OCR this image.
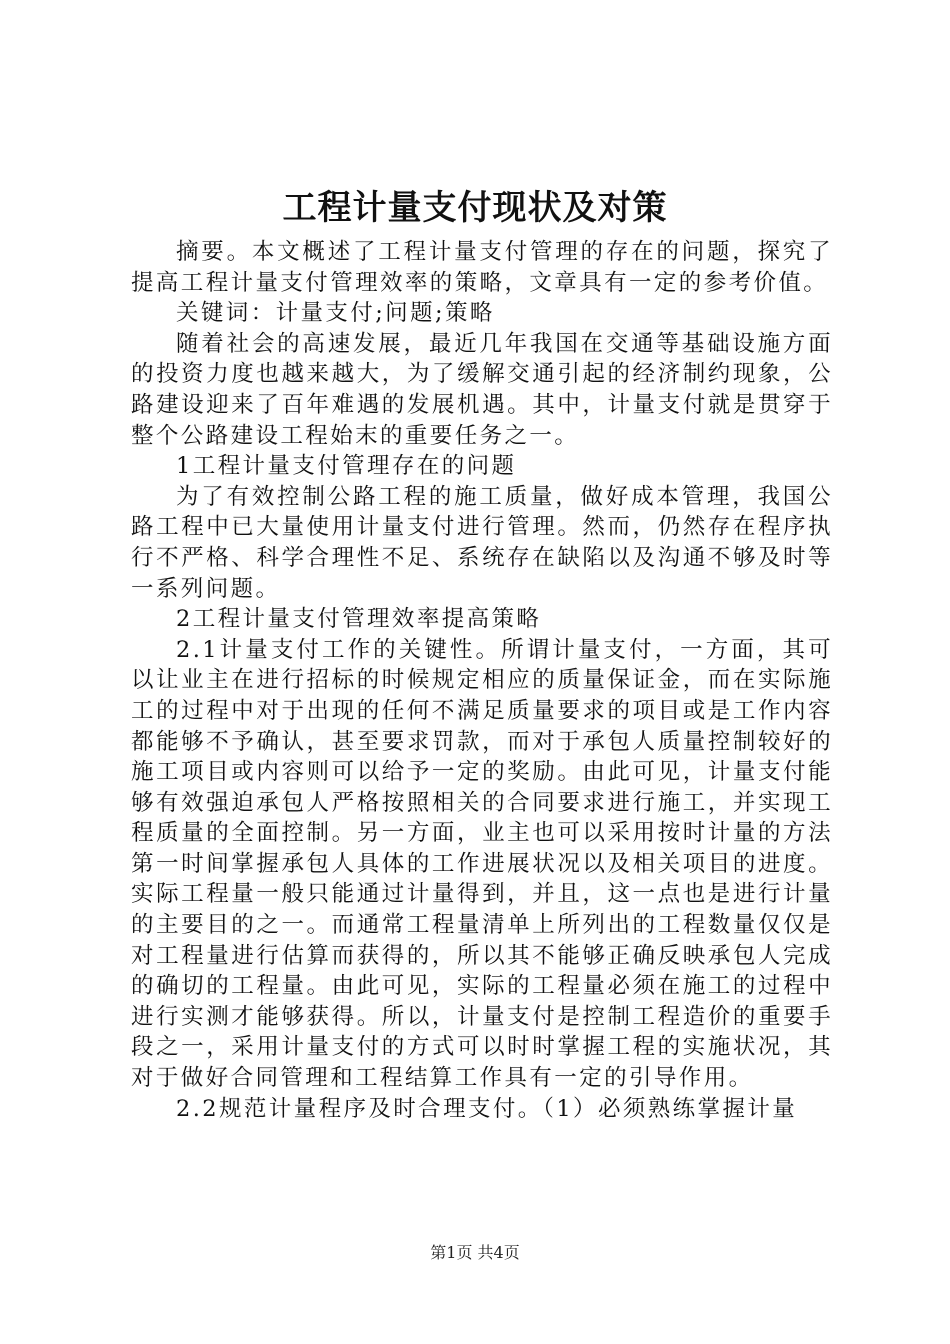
工程计量支付现状及对策

摘要。本文概述了工程计量支付管理的存在的问题，探究了提高工程计量支付管理效率的策略，文章具有一定的参考价值。

关键词：计量支付;问题;策略

随着社会的高速发展，最近几年我国在交通等基础设施方面的投资力度也越来越大，为了缓解交通引起的经济制约现象，公路建设迎来了百年难遇的发展机遇。其中，计量支付就是贯穿于整个公路建设工程始末的重要任务之一。

1工程计量支付管理存在的问题

为了有效控制公路工程的施工质量，做好成本管理，我国公路工程中已大量使用计量支付进行管理。然而，仍然存在程序执行不严格、科学合理性不足、系统存在缺陷以及沟通不够及时等一系列问题。

2工程计量支付管理效率提高策略

2.1计量支付工作的关键性。所谓计量支付，一方面，其可以让业主在进行招标的时候规定相应的质量保证金，而在实际施工的过程中对于出现的任何不满足质量要求的项目或是工作内容都能够不予确认，甚至要求罚款，而对于承包人质量控制较好的施工项目或内容则可以给予一定的奖励。由此可见，计量支付能够有效强迫承包人严格按照相关的合同要求进行施工，并实现工程质量的全面控制。另一方面，业主也可以采用按时计量的方法第一时间掌握承包人具体的工作进展状况以及相关项目的进度。实际工程量一般只能通过计量得到，并且，这一点也是进行计量的主要目的之一。而通常工程量清单上所列出的工程数量仅仅是对工程量进行估算而获得的，所以其不能够正确反映承包人完成的确切的工程量。由此可见，实际的工程量必须在施工的过程中进行实测才能够获得。所以，计量支付是控制工程造价的重要手段之一，采用计量支付的方式可以时时掌握工程的实施状况，其对于做好合同管理和工程结算工作具有一定的引导作用。

2.2规范计量程序及时合理支付。（1）必须熟练掌握计量

第1页 共4页
